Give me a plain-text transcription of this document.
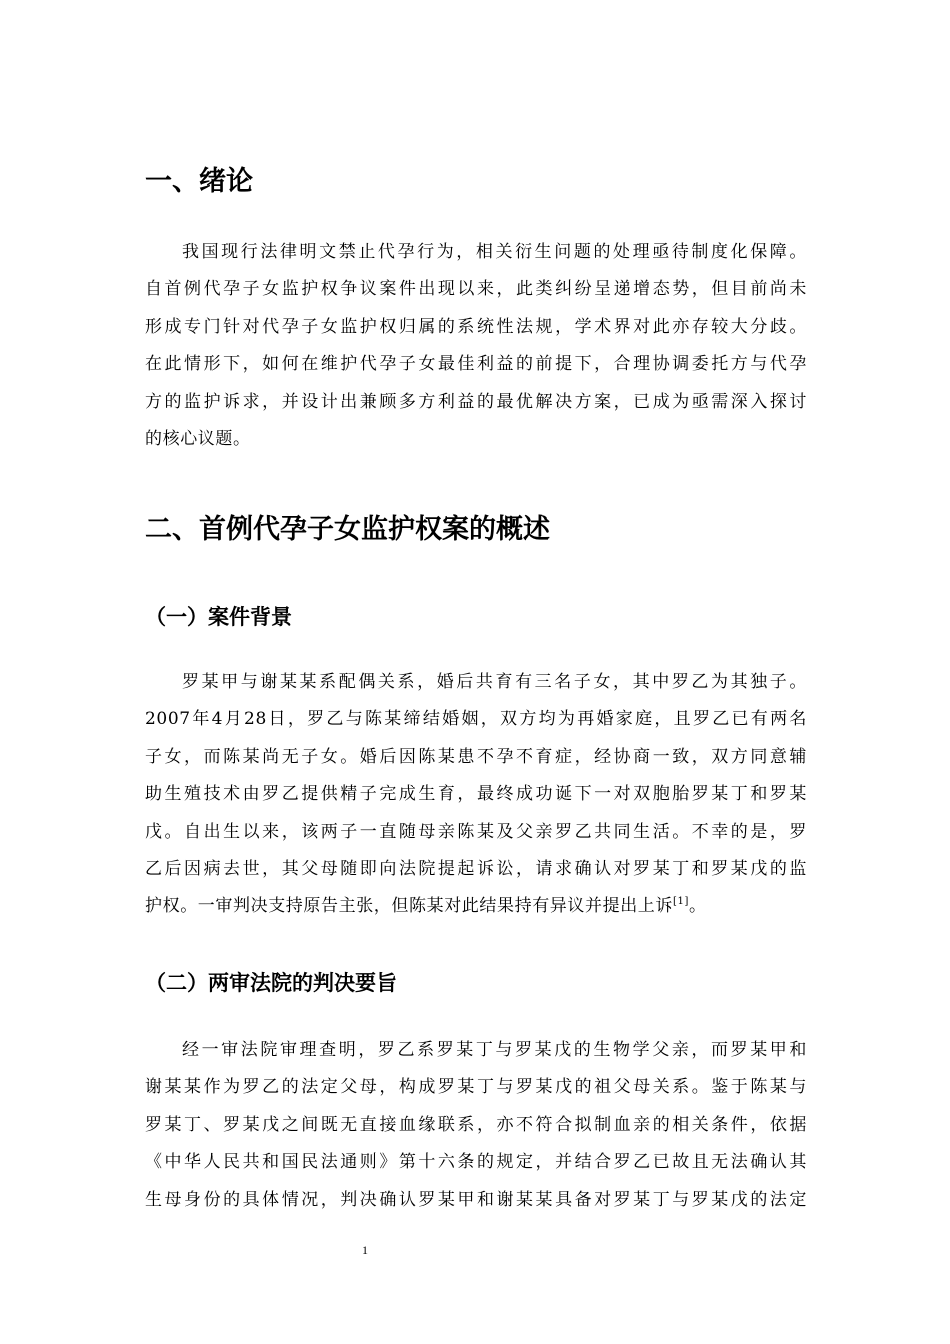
一、绪论
我国现行法律明文禁止代孕行为，相关衍生问题的处理亟待制度化保障。
自首例代孕子女监护权争议案件出现以来，此类纠纷呈递增态势，但目前尚未
形成专门针对代孕子女监护权归属的系统性法规，学术界对此亦存较大分歧。
在此情形下，如何在维护代孕子女最佳利益的前提下，合理协调委托方与代孕
方的监护诉求，并设计出兼顾多方利益的最优解决方案，已成为亟需深入探讨
的核心议题。
二、首例代孕子女监护权案的概述
（一）案件背景
罗某甲与谢某某系配偶关系，婚后共育有三名子女，其中罗乙为其独子。
2007年4月28日，罗乙与陈某缔结婚姻，双方均为再婚家庭，且罗乙已有两名
子女，而陈某尚无子女。婚后因陈某患不孕不育症，经协商一致，双方同意辅
助生殖技术由罗乙提供精子完成生育，最终成功诞下一对双胞胎罗某丁和罗某
戊。自出生以来，该两子一直随母亲陈某及父亲罗乙共同生活。不幸的是，罗
乙后因病去世，其父母随即向法院提起诉讼，请求确认对罗某丁和罗某戊的监
护权。一审判决支持原告主张，但陈某对此结果持有异议并提出上诉[1]。
（二）两审法院的判决要旨
经一审法院审理查明，罗乙系罗某丁与罗某戊的生物学父亲，而罗某甲和
谢某某作为罗乙的法定父母，构成罗某丁与罗某戊的祖父母关系。鉴于陈某与
罗某丁、罗某戊之间既无直接血缘联系，亦不符合拟制血亲的相关条件，依据
《中华人民共和国民法通则》第十六条的规定，并结合罗乙已故且无法确认其
生母身份的具体情况，判决确认罗某甲和谢某某具备对罗某丁与罗某戊的法定
1
